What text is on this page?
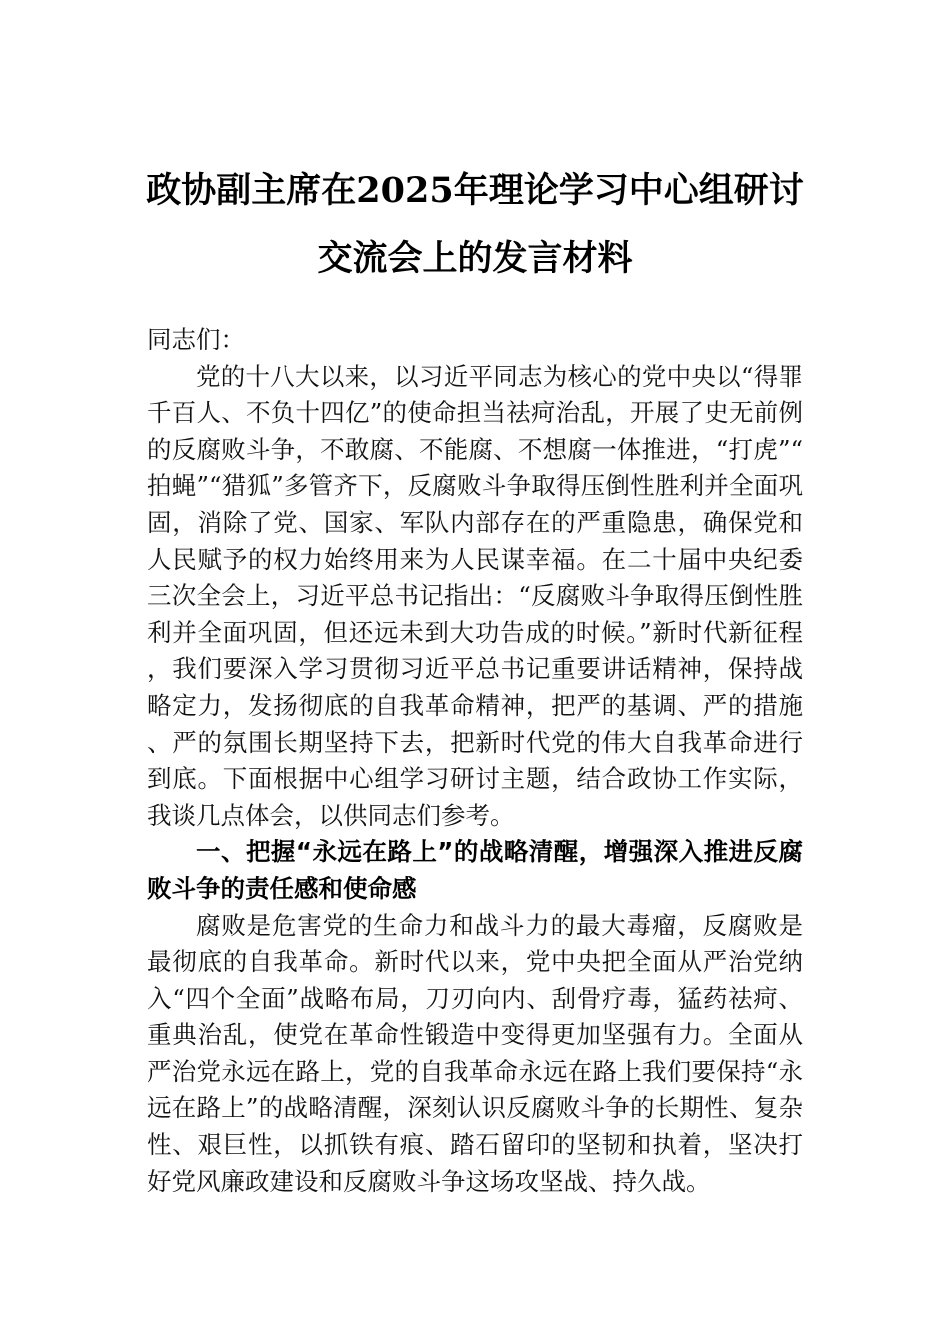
政协副主席在2025年理论学习中心组研讨
交流会上的发言材料

同志们：

党的十八大以来，以习近平同志为核心的党中央以“得罪千百人、不负十四亿”的使命担当祛疴治乱，开展了史无前例的反腐败斗争，不敢腐、不能腐、不想腐一体推进，“打虎”“拍蝇”“猎狐”多管齐下，反腐败斗争取得压倒性胜利并全面巩固，消除了党、国家、军队内部存在的严重隐患，确保党和人民赋予的权力始终用来为人民谋幸福。在二十届中央纪委三次全会上，习近平总书记指出：“反腐败斗争取得压倒性胜利并全面巩固，但还远未到大功告成的时候。”新时代新征程，我们要深入学习贯彻习近平总书记重要讲话精神，保持战略定力，发扬彻底的自我革命精神，把严的基调、严的措施、严的氛围长期坚持下去，把新时代党的伟大自我革命进行到底。下面根据中心组学习研讨主题，结合政协工作实际，我谈几点体会，以供同志们参考。

一、把握“永远在路上”的战略清醒，增强深入推进反腐败斗争的责任感和使命感

腐败是危害党的生命力和战斗力的最大毒瘤，反腐败是最彻底的自我革命。新时代以来，党中央把全面从严治党纳入“四个全面”战略布局，刀刃向内、刮骨疗毒，猛药祛疴、重典治乱，使党在革命性锻造中变得更加坚强有力。全面从严治党永远在路上，党的自我革命永远在路上我们要保持“永远在路上”的战略清醒，深刻认识反腐败斗争的长期性、复杂性、艰巨性，以抓铁有痕、踏石留印的坚韧和执着，坚决打好党风廉政建设和反腐败斗争这场攻坚战、持久战。
